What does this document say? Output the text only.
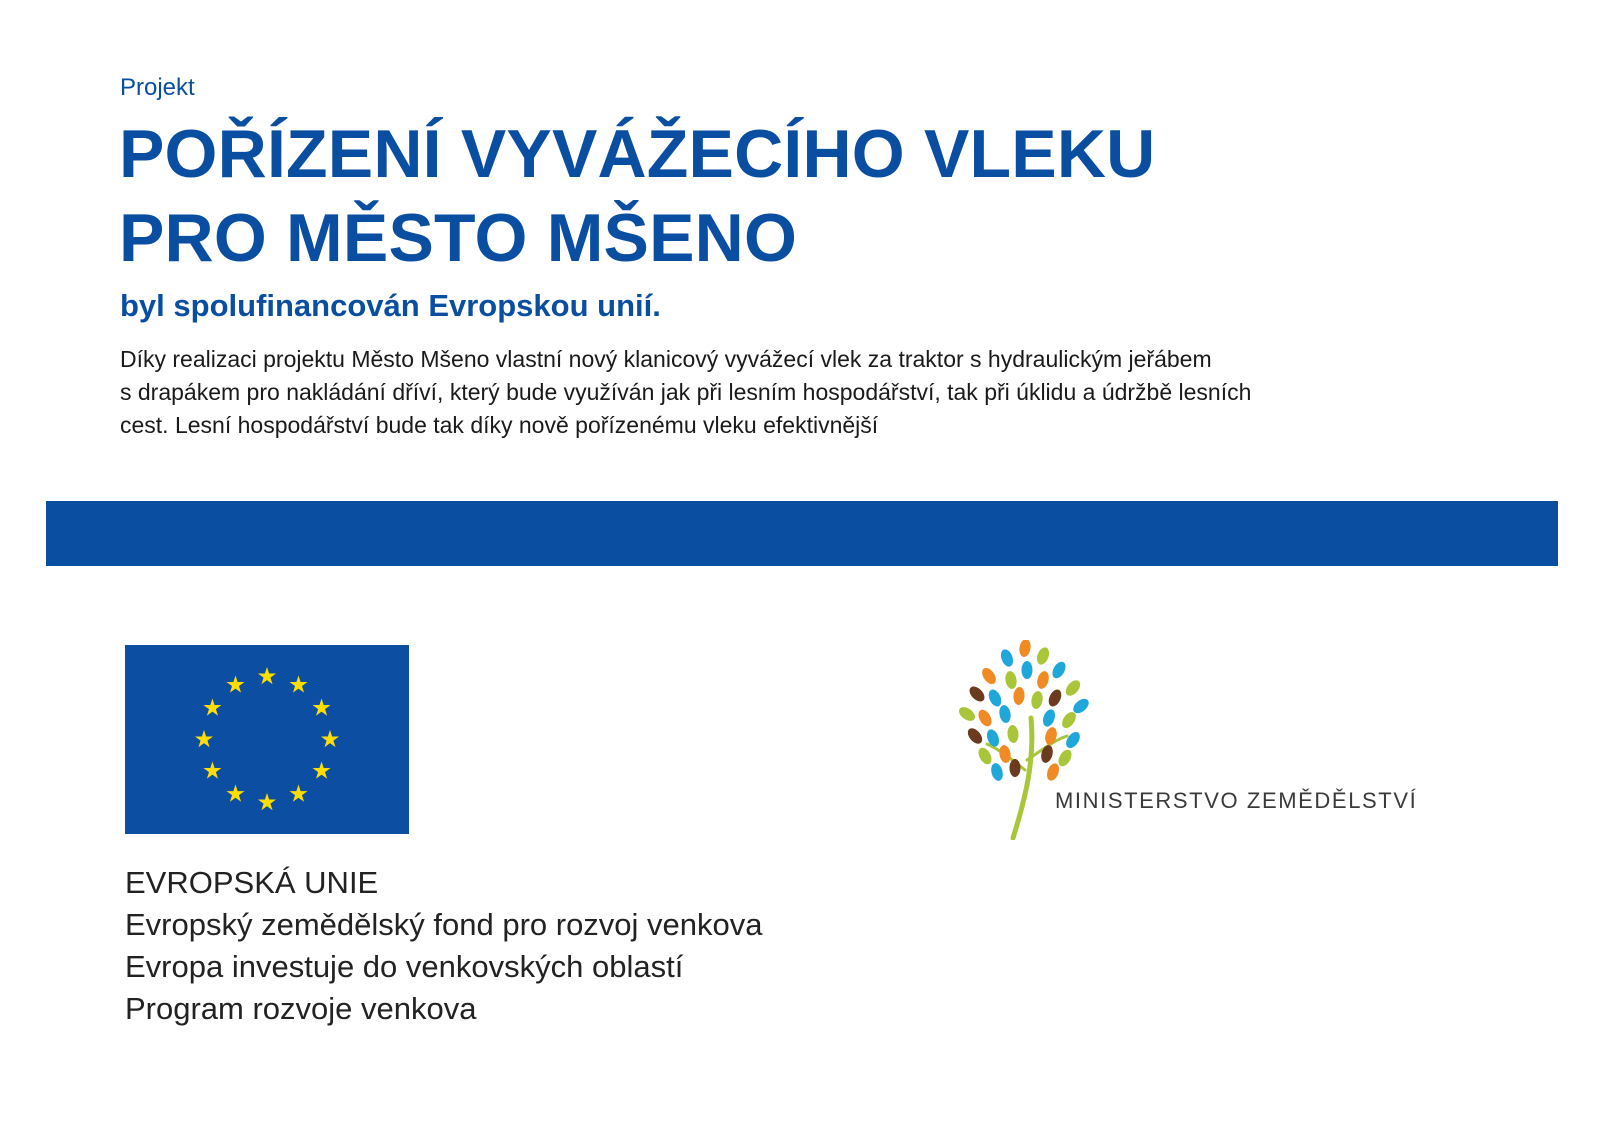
Projekt
POŘÍZENÍ VYVÁŽECÍHO VLEKU
PRO MĚSTO MŠENO
byl spolufinancován Evropskou unií.
Díky realizaci projektu Město Mšeno vlastní nový klanicový vyvážecí vlek za traktor s hydraulickým jeřábem
s drapákem pro nakládání dříví, který bude využíván jak při lesním hospodářství, tak při úklidu a údržbě lesních
cest. Lesní hospodářství bude tak díky nově pořízenému vleku efektivnější
EVROPSKÁ UNIE
Evropský zemědělský fond pro rozvoj venkova
Evropa investuje do venkovských oblastí
Program rozvoje venkova
MINISTERSTVO ZEMĚDĚLSTVÍ
